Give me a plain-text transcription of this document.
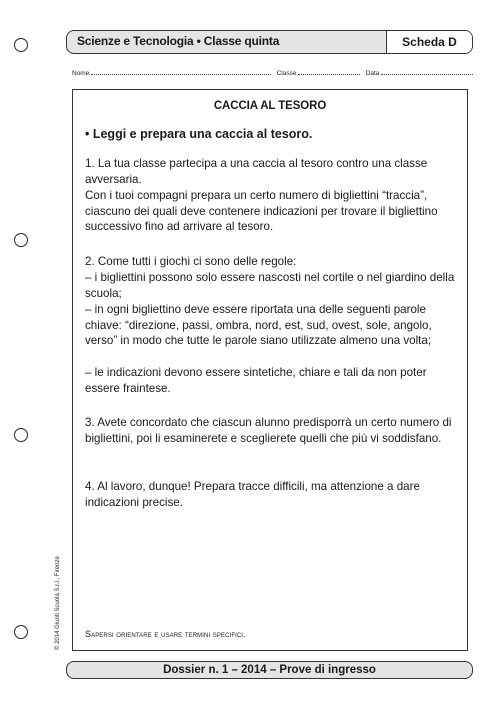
Scienze e Tecnologia • Classe quinta	Scheda D
Nome	Classe	Data
CACCIA AL TESORO
• Leggi e prepara una caccia al tesoro.
1. La tua classe partecipa a una caccia al tesoro contro una classe avversaria.
Con i tuoi compagni prepara un certo numero di bigliettini “traccia”, ciascuno dei quali deve contenere indicazioni per trovare il bigliettino successivo fino ad arrivare al tesoro.
2. Come tutti i giochi ci sono delle regole:
– i bigliettini possono solo essere nascosti nel cortile o nel giardino della scuola;
– in ogni bigliettino deve essere riportata una delle seguenti parole chiave: “direzione, passi, ombra, nord, est, sud, ovest, sole, angolo, verso” in modo che tutte le parole siano utilizzate almeno una volta;
– le indicazioni devono essere sintetiche, chiare e tali da non poter essere fraintese.
3. Avete concordato che ciascun alunno predisporrà un certo numero di bigliettini, poi li esaminerete e sceglierete quelli che più vi soddisfano.
4. Al lavoro, dunque! Prepara tracce difficili, ma attenzione a dare indicazioni precise.
Sapersi orientare e usare termini specifici.
© 2014 Giunti Scuola S.r.l., Firenze
Dossier n. 1 – 2014 – Prove di ingresso
